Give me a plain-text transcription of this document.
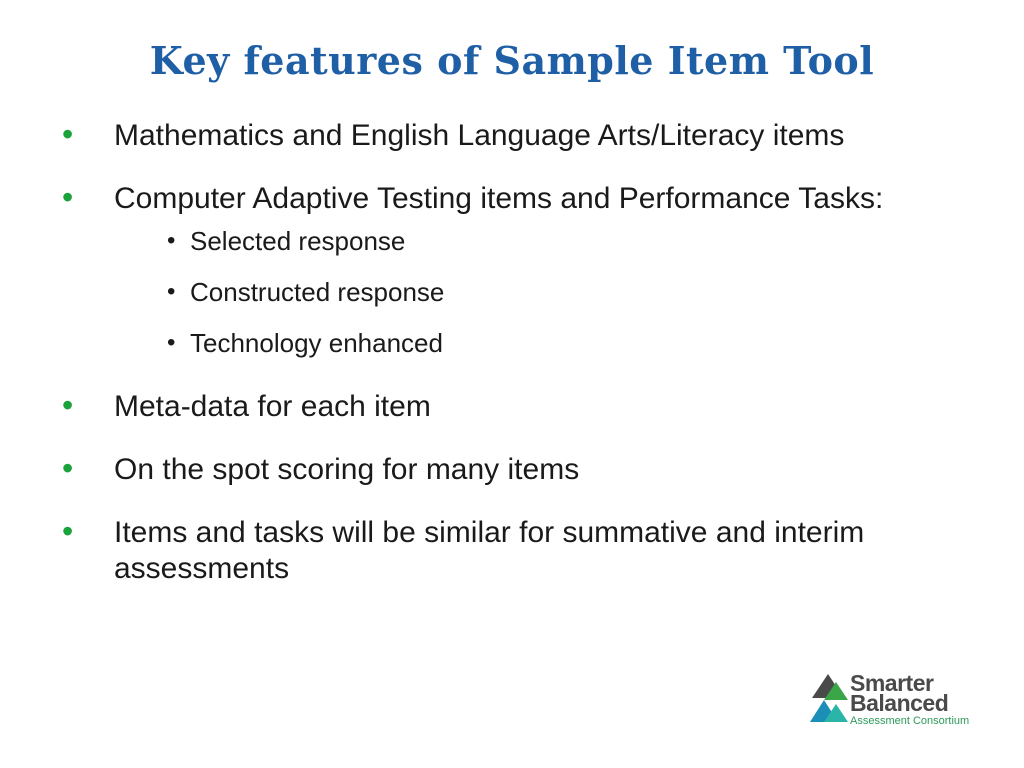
Key features of Sample Item Tool
• Mathematics and English Language Arts/Literacy items
• Computer Adaptive Testing items and Performance Tasks:
• Selected response
• Constructed response
• Technology enhanced
• Meta-data for each item
• On the spot scoring for many items
• Items and tasks will be similar for summative and interim assessments
Smarter
Balanced
Assessment Consortium
